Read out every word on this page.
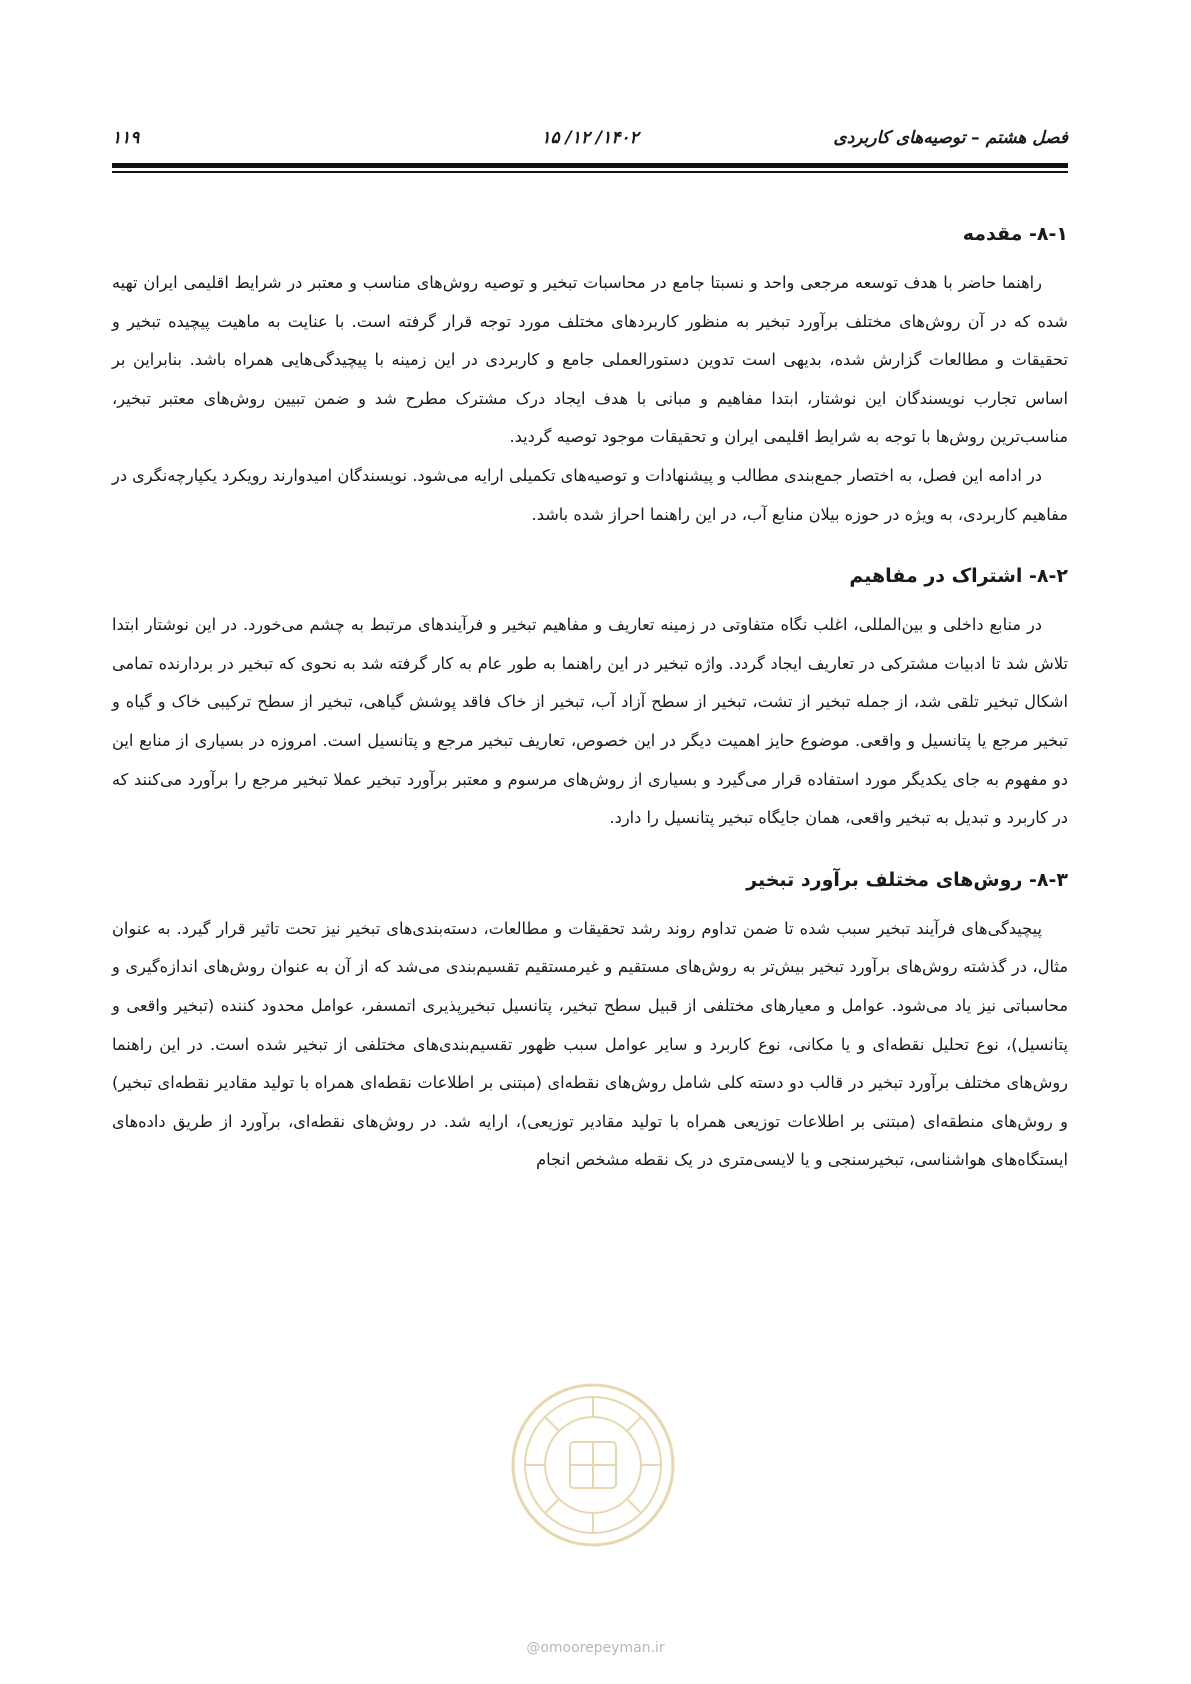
فصل هشتم – توصیه‌های کاربردی
۱۴۰۲/ ۱۲/ ۱۵
۱۱۹
۸-۱- مقدمه

راهنما حاضر با هدف توسعه مرجعی واحد و نسبتا جامع در محاسبات تبخیر و توصیه روش‌های مناسب و معتبر در شرایط اقلیمی ایران تهیه شده که در آن روش‌های مختلف برآورد تبخیر به منظور کاربردهای مختلف مورد توجه قرار گرفته است. با عنایت به ماهیت پیچیده تبخیر و تحقیقات و مطالعات گزارش شده، بدیهی است تدوین دستورالعملی جامع و کاربردی در این زمینه با پیچیدگی‌هایی همراه باشد. بنابراین بر اساس تجارب نویسندگان این نوشتار، ابتدا مفاهیم و مبانی با هدف ایجاد درک مشترک مطرح شد و ضمن تبیین روش‌های معتبر تبخیر، مناسب‌ترین روش‌ها با توجه به شرایط اقلیمی ایران و تحقیقات موجود توصیه گردید.

در ادامه این فصل، به اختصار جمع‌بندی مطالب و پیشنهادات و توصیه‌های تکمیلی ارایه می‌شود. نویسندگان امیدوارند رویکرد یکپارچه‌نگری در مفاهیم کاربردی، به ویژه در حوزه بیلان منابع آب، در این راهنما احراز شده باشد.

۸-۲- اشتراک در مفاهیم

در منابع داخلی و بین‌المللی، اغلب نگاه متفاوتی در زمینه تعاریف و مفاهیم تبخیر و فرآیندهای مرتبط به چشم می‌خورد. در این نوشتار ابتدا تلاش شد تا ادبیات مشترکی در تعاریف ایجاد گردد. واژه تبخیر در این راهنما به طور عام به کار گرفته شد به نحوی که تبخیر در بردارنده تمامی اشکال تبخیر تلقی شد، از جمله تبخیر از تشت، تبخیر از سطح آزاد آب، تبخیر از خاک فاقد پوشش گیاهی، تبخیر از سطح ترکیبی خاک و گیاه و تبخیر مرجع یا پتانسیل و واقعی. موضوع حایز اهمیت دیگر در این خصوص، تعاریف تبخیر مرجع و پتانسیل است. امروزه در بسیاری از منابع این دو مفهوم به جای یکدیگر مورد استفاده قرار می‌گیرد و بسیاری از روش‌های مرسوم و معتبر برآورد تبخیر عملا تبخیر مرجع را برآورد می‌کنند که در کاربرد و تبدیل به تبخیر واقعی، همان جایگاه تبخیر پتانسیل را دارد.

۸-۳- روش‌های مختلف برآورد تبخیر

پیچیدگی‌های فرآیند تبخیر سبب شده تا ضمن تداوم روند رشد تحقیقات و مطالعات، دسته‌بندی‌های تبخیر نیز تحت تاثیر قرار گیرد. به عنوان مثال، در گذشته روش‌های برآورد تبخیر بیش‌تر به روش‌های مستقیم و غیرمستقیم تقسیم‌بندی می‌شد که از آن به عنوان روش‌های اندازه‌گیری و محاسباتی نیز یاد می‌شود. عوامل و معیارهای مختلفی از قبیل سطح تبخیر، پتانسیل تبخیرپذیری اتمسفر، عوامل محدود کننده (تبخیر واقعی و پتانسیل)، نوع تحلیل نقطه‌ای و یا مکانی، نوع کاربرد و سایر عوامل سبب ظهور تقسیم‌بندی‌های مختلفی از تبخیر شده است. در این راهنما روش‌های مختلف برآورد تبخیر در قالب دو دسته کلی شامل روش‌های نقطه‌ای (مبتنی بر اطلاعات نقطه‌ای همراه با تولید مقادیر نقطه‌ای تبخیر) و روش‌های منطقه‌ای (مبتنی بر اطلاعات توزیعی همراه با تولید مقادیر توزیعی)، ارایه شد. در روش‌های نقطه‌ای، برآورد از طریق داده‌های ایستگاه‌های هواشناسی، تبخیرسنجی و یا لایسی‌متری در یک نقطه مشخص انجام

@omoorepeyman.ir
